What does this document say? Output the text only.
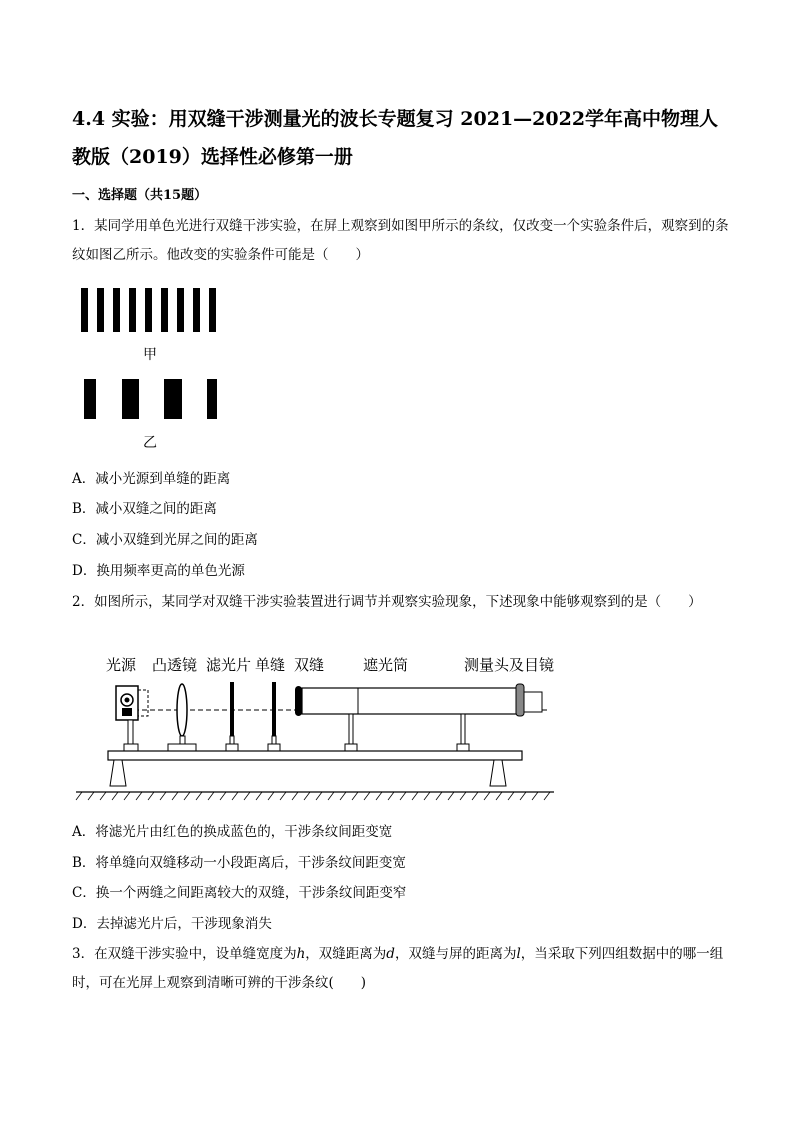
4.4 实验：用双缝干涉测量光的波长专题复习 2021—2022学年高中物理人教版（2019）选择性必修第一册
一、选择题（共15题）
1．某同学用单色光进行双缝干涉实验，在屏上观察到如图甲所示的条纹，仅改变一个实验条件后，观察到的条纹如图乙所示。他改变的实验条件可能是（　　）
甲
乙
A．减小光源到单缝的距离
B．减小双缝之间的距离
C．减小双缝到光屏之间的距离
D．换用频率更高的单色光源
2．如图所示，某同学对双缝干涉实验装置进行调节并观察实验现象，下述现象中能够观察到的是（　　）
光源 凸透镜 滤光片 单缝 双缝	遮光筒	测量头及目镜
A．将滤光片由红色的换成蓝色的，干涉条纹间距变宽
B．将单缝向双缝移动一小段距离后，干涉条纹间距变宽
C．换一个两缝之间距离较大的双缝，干涉条纹间距变窄
D．去掉滤光片后，干涉现象消失
3．在双缝干涉实验中，设单缝宽度为h，双缝距离为d，双缝与屏的距离为l，当采取下列四组数据中的哪一组时，可在光屏上观察到清晰可辨的干涉条纹(　　)
